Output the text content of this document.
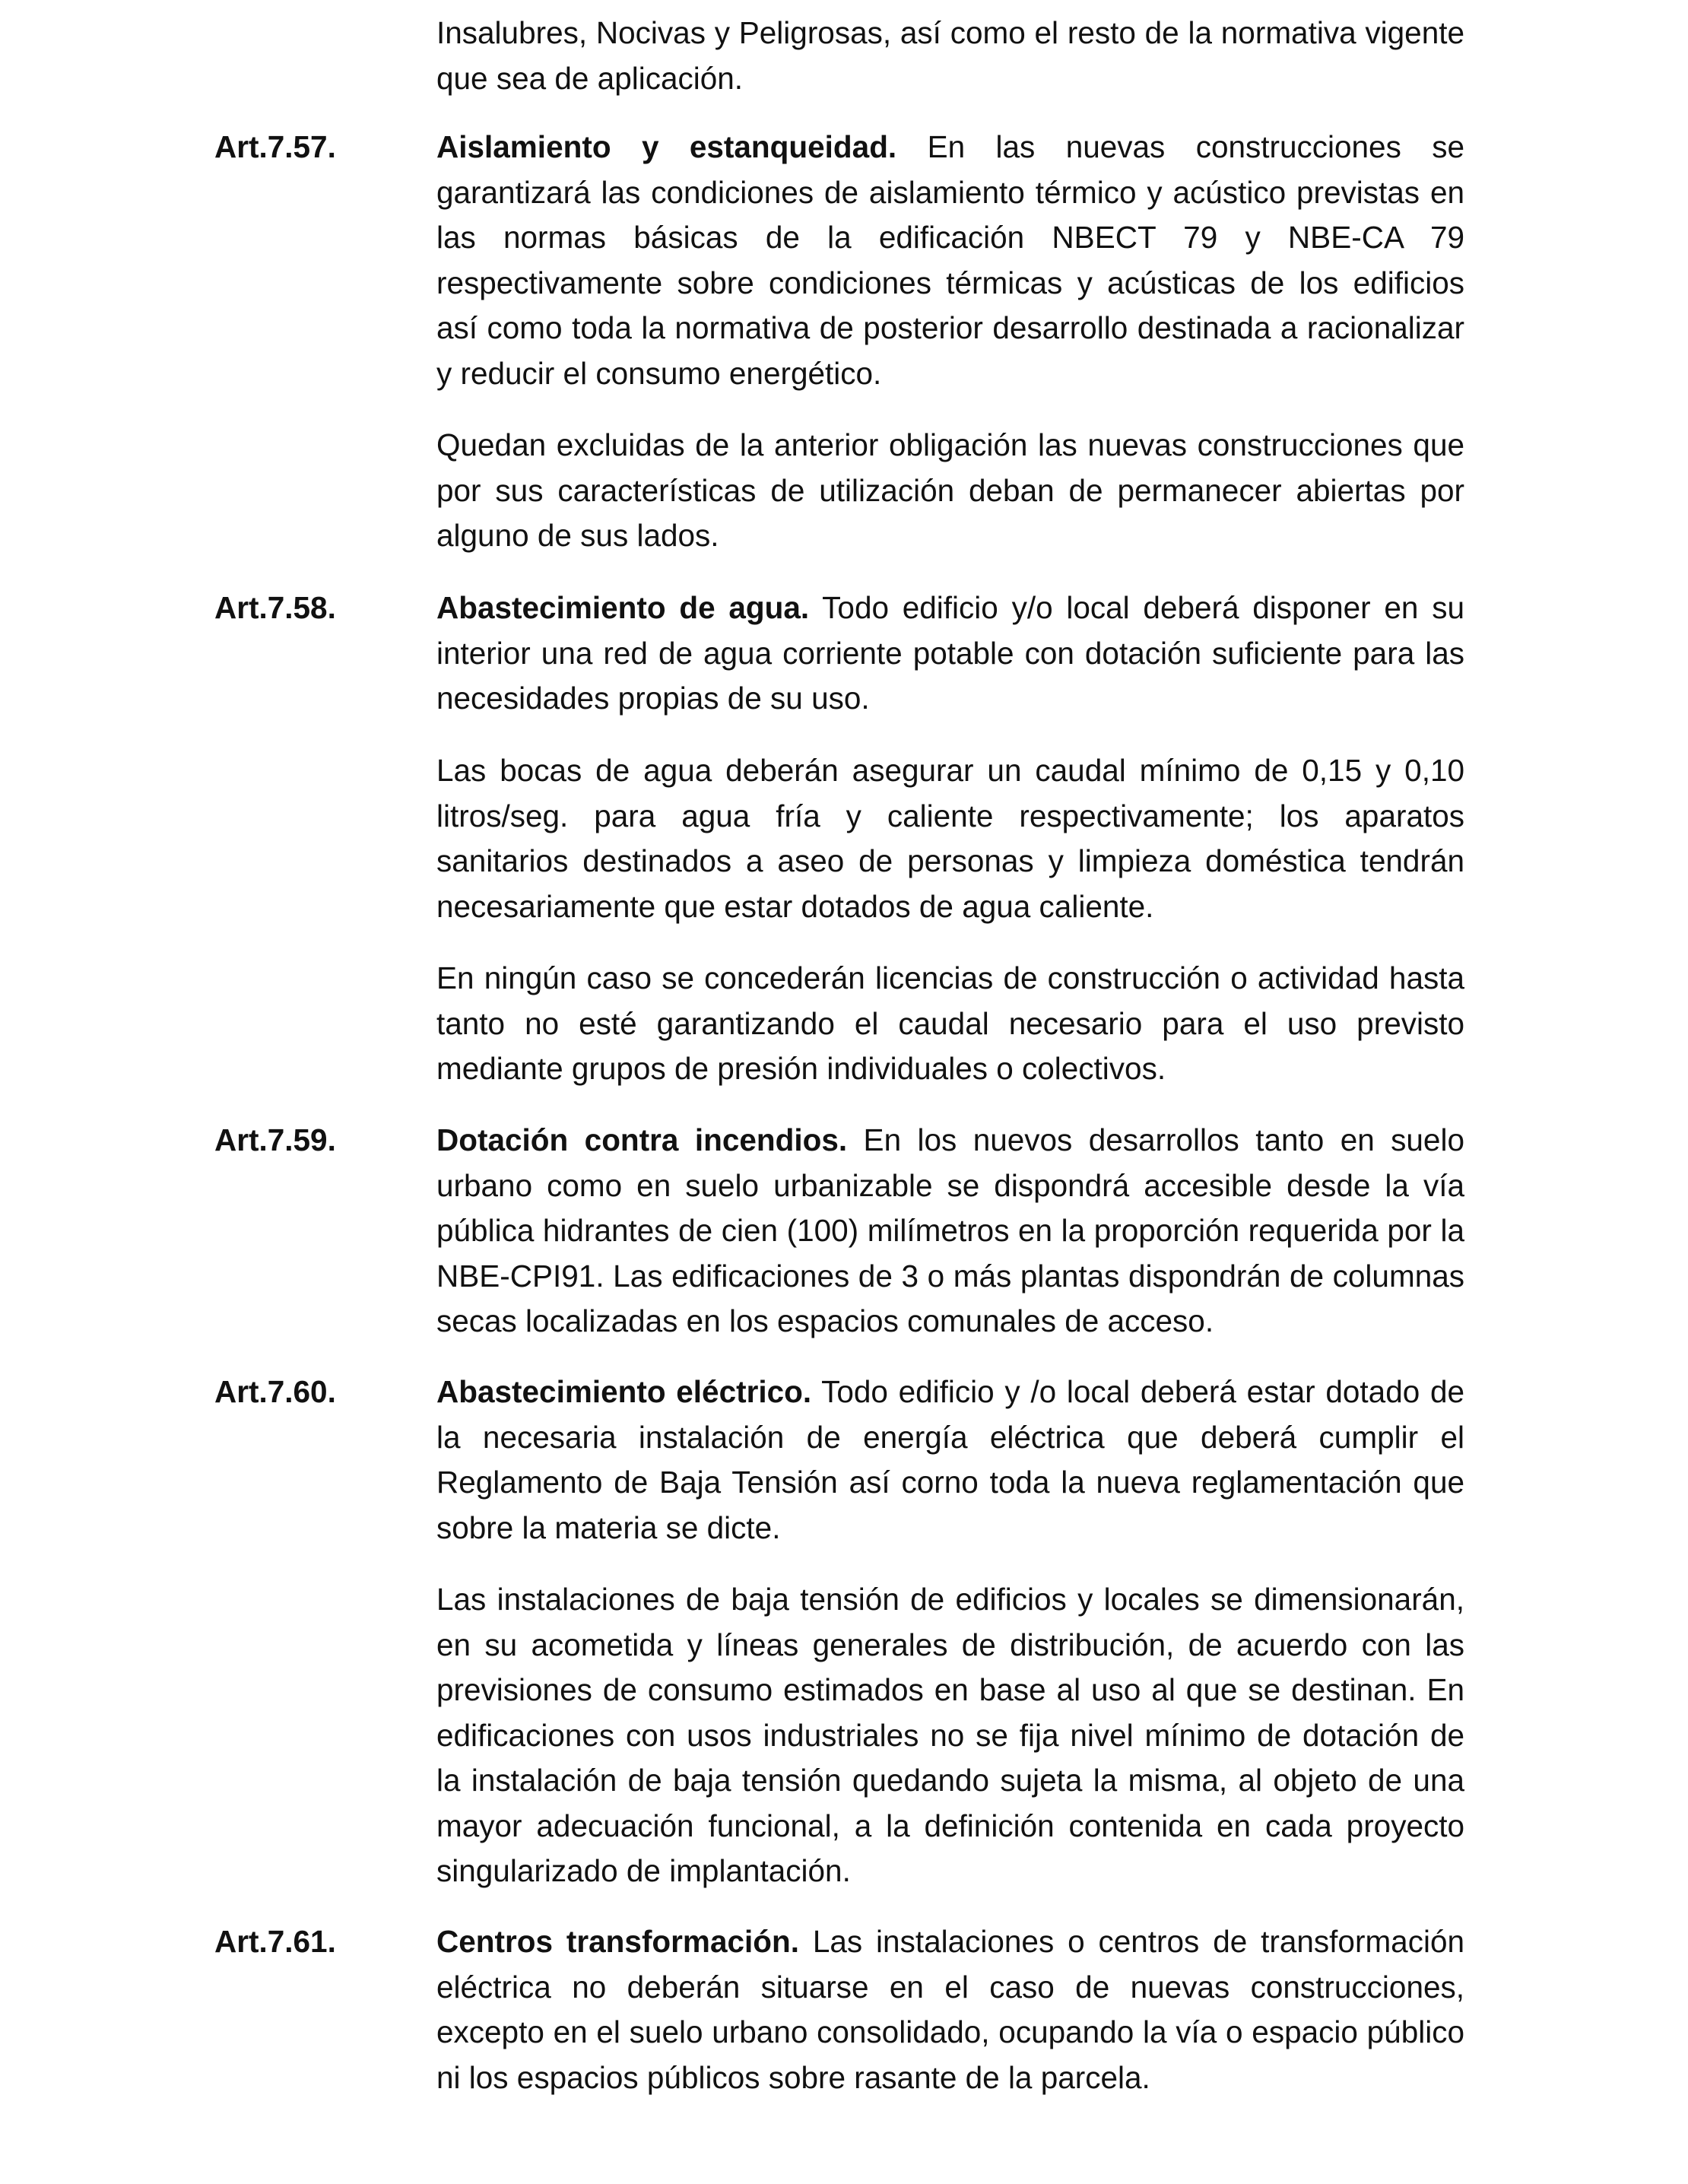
Insalubres, Nocivas y Peligrosas, así como el resto de la normativa vigente que sea de aplicación.

Art.7.57.	Aislamiento y estanqueidad. En las nuevas construcciones se garantizará las condiciones de aislamiento térmico y acústico previstas en las normas básicas de la edificación NBECT 79 y NBE-CA 79 respectivamente sobre condiciones térmicas y acústicas de los edificios así como toda la normativa de posterior desarrollo destinada a racionalizar y reducir el consumo energético.

Quedan excluidas de la anterior obligación las nuevas construcciones que por sus características de utilización deban de permanecer abiertas por alguno de sus lados.

Art.7.58.	Abastecimiento de agua. Todo edificio y/o local deberá disponer en su interior una red de agua corriente potable con dotación suficiente para las necesidades propias de su uso.

Las bocas de agua deberán asegurar un caudal mínimo de 0,15 y 0,10 litros/seg. para agua fría y caliente respectivamente; los aparatos sanitarios destinados a aseo de personas y limpieza doméstica tendrán necesariamente que estar dotados de agua caliente.

En ningún caso se concederán licencias de construcción o actividad hasta tanto no esté garantizando el caudal necesario para el uso previsto mediante grupos de presión individuales o colectivos.

Art.7.59.	Dotación contra incendios. En los nuevos desarrollos tanto en suelo urbano como en suelo urbanizable se dispondrá accesible desde la vía pública hidrantes de cien (100) milímetros en la proporción requerida por la NBE-CPI91. Las edificaciones de 3 o más plantas dispondrán de columnas secas localizadas en los espacios comunales de acceso.

Art.7.60.	Abastecimiento eléctrico. Todo edificio y /o local deberá estar dotado de la necesaria instalación de energía eléctrica que deberá cumplir el Reglamento de Baja Tensión así corno toda la nueva reglamentación que sobre la materia se dicte.

Las instalaciones de baja tensión de edificios y locales se dimensionarán, en su acometida y líneas generales de distribución, de acuerdo con las previsiones de consumo estimados en base al uso al que se destinan. En edificaciones con usos industriales no se fija nivel mínimo de dotación de la instalación de baja tensión quedando sujeta la misma, al objeto de una mayor adecuación funcional, a la definición contenida en cada proyecto singularizado de implantación.

Art.7.61.	Centros transformación. Las instalaciones o centros de transformación eléctrica no deberán situarse en el caso de nuevas construcciones, excepto en el suelo urbano consolidado, ocupando la vía o espacio público ni los espacios públicos sobre rasante de la parcela.
